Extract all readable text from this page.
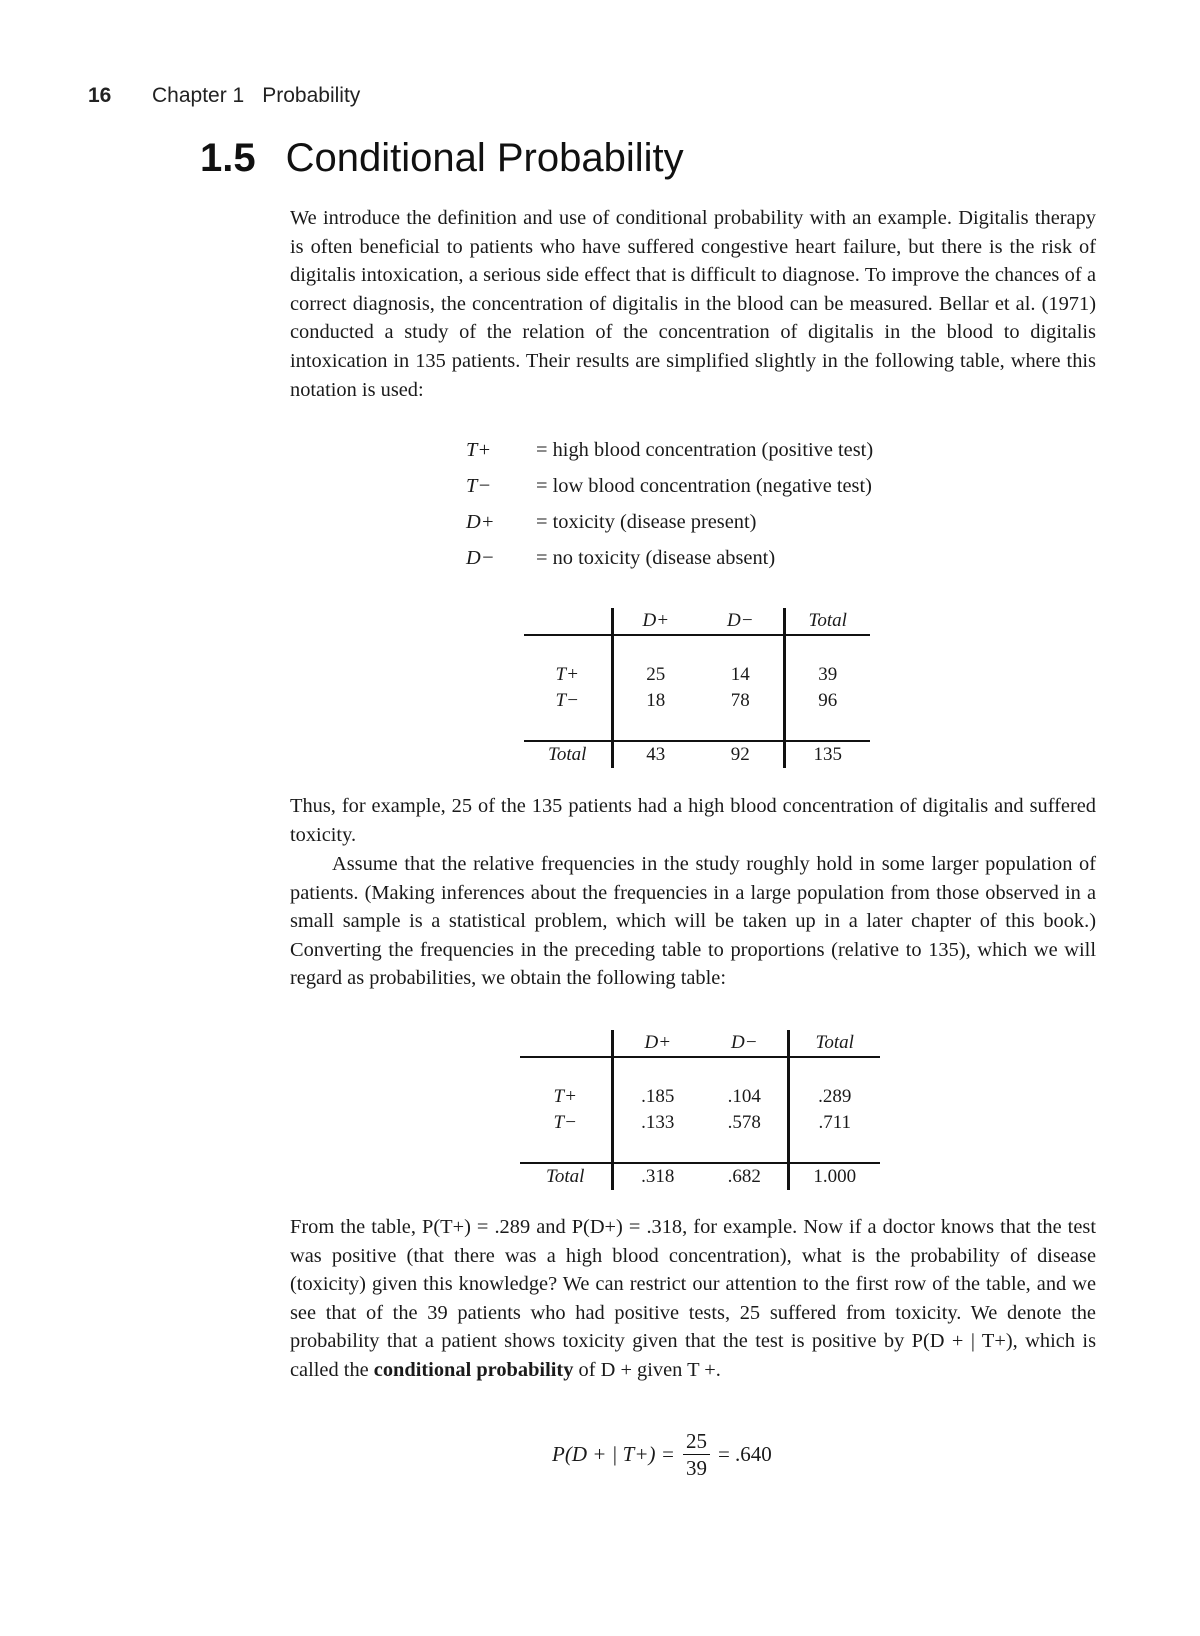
16 Chapter 1 Probability
1.5 Conditional Probability

We introduce the definition and use of conditional probability with an example. Digitalis therapy is often beneficial to patients who have suffered congestive heart failure, but there is the risk of digitalis intoxication, a serious side effect that is difficult to diagnose. To improve the chances of a correct diagnosis, the concentration of digitalis in the blood can be measured. Bellar et al. (1971) conducted a study of the relation of the concentration of digitalis in the blood to digitalis intoxication in 135 patients. Their results are simplified slightly in the following table, where this notation is used:

T+ = high blood concentration (positive test)
T− = low blood concentration (negative test)
D+ = toxicity (disease present)
D− = no toxicity (disease absent)
	D+	D−	Total

T+	25	14	39
T−	18	78	96

Total	43	92	135

Thus, for example, 25 of the 135 patients had a high blood concentration of digitalis and suffered toxicity.

Assume that the relative frequencies in the study roughly hold in some larger population of patients. (Making inferences about the frequencies in a large population from those observed in a small sample is a statistical problem, which will be taken up in a later chapter of this book.) Converting the frequencies in the preceding table to proportions (relative to 135), which we will regard as probabilities, we obtain the following table:

	D+	D−	Total

T+	.185	.104	.289
T−	.133	.578	.711

Total	.318	.682	1.000

From the table, P(T+) = .289 and P(D+) = .318, for example. Now if a doctor knows that the test was positive (that there was a high blood concentration), what is the probability of disease (toxicity) given this knowledge? We can restrict our attention to the first row of the table, and we see that of the 39 patients who had positive tests, 25 suffered from toxicity. We denote the probability that a patient shows toxicity given that the test is positive by P(D + | T+), which is called the conditional probability of D + given T +.

P(D + | $T+) = \frac{25}{39} = .640$
